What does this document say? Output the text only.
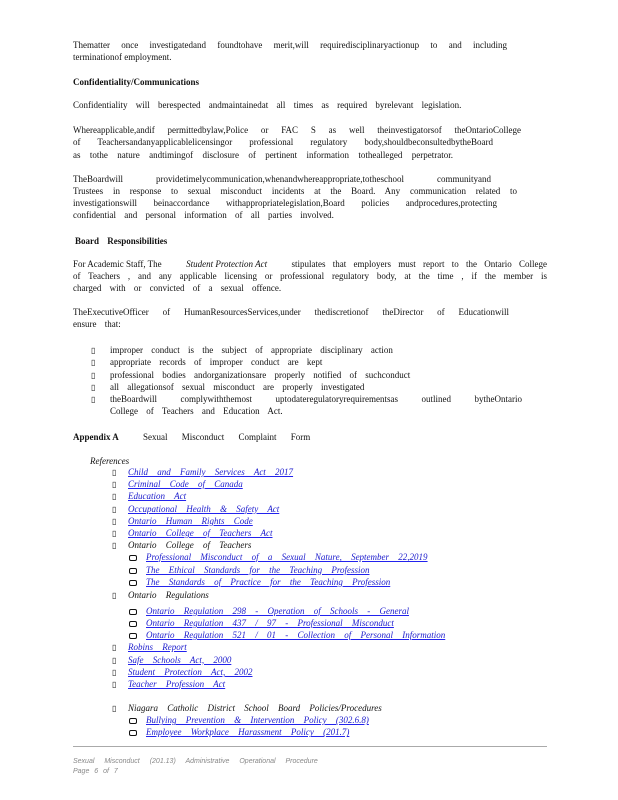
Thematter once investigatedand foundtohave merit,will requiredisciplinaryactionup to and including
terminationof employment.
Confidentiality/Communications
Confidentiality will berespected andmaintainedat all times as required byrelevant legislation.
Whereapplicable,andif permittedbylaw,Police or FAC S as well theinvestigatorsof theOntarioCollege
of Teachersandanyapplicablelicensingor professional regulatory body,shouldbeconsultedbytheBoard
as tothe nature andtimingof disclosure of pertinent information tothealleged perpetrator.
TheBoardwill providetimelycommunication,whenandwhereappropriate,totheschool communityand
Trustees in response to sexual misconduct incidents at the Board. Any communication related to
investigationswill beinaccordance withappropriatelegislation,Board policies andprocedures,protecting
confidential and personal information of all parties involved.
Board Responsibilities
For Academic Staff, The	Student Protection Act	stipulates that employers must report to the Ontario College
of Teachers , and any applicable licensing or professional regulatory body, at the time , if the member is
charged with or convicted of a sexual offence.
TheExecutiveOfficer of HumanResourcesServices,under thediscretionof theDirector of Educationwill
ensure that:
▯ improper conduct is the subject of appropriate disciplinary action
▯ appropriate records of improper conduct are kept
▯ professional bodies andorganizationsare properly notified of suchconduct
▯ all allegationsof sexual misconduct are properly investigated
▯ theBoardwill complywiththemost uptodateregulatoryrequirementsas outlined bytheOntario
College of Teachers and Education Act.
Appendix A	Sexual Misconduct Complaint Form
References
Sexual Misconduct (201.13) Administrative Operational Procedure
Page 6 of 7
▯ Child and Family Services Act 2017
▯ Criminal Code of Canada
▯ Education Act
▯ Occupational Health & Safety Act
▯ Ontario Human Rights Code
▯ Ontario College of Teachers Act
▯ Ontario College of Teachers
Professional Misconduct of a Sexual Nature, September 22,2019
The Ethical Standards for the Teaching Profession
The Standards of Practice for the Teaching Profession
▯ Ontario Regulations
Ontario Regulation 298 - Operation of Schools - General
Ontario Regulation 437 / 97 - Professional Misconduct
Ontario Regulation 521 / 01 - Collection of Personal Information
▯ Robins Report
▯ Safe Schools Act, 2000
▯ Student Protection Act, 2002
▯ Teacher Profession Act
▯ Niagara Catholic District School Board Policies/Procedures
Bullying Prevention & Intervention Policy (302.6.8)
Employee Workplace Harassment Policy (201.7)
